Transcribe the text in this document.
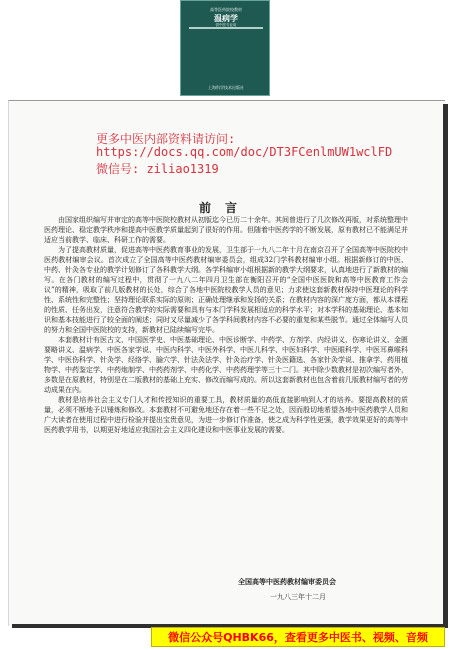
高等医药院校教材
温病学
供中医专业用
上海科学技术出版社
更多中医内部资料请访问:
https://docs.qq.com/doc/DT3FCenlmUW1wclFD
微信号: ziliao1319
前言

由国家组织编写并审定的高等中医院校教材从初版迄今已历二十余年。其间曾进行了几次修改再版，对系统整理中医药理论、稳定教学秩序和提高中医教学质量起到了很好的作用。但随着中医药学的不断发展，原有教材已不能满足并适应当前教学、临床、科研工作的需要。

为了提高教材质量，促进高等中医药教育事业的发展，卫生部于一九八二年十月在南京召开了全国高等中医院校中医药教材编审会议。首次成立了全国高等中医药教材编审委员会，组成32门学科教材编审小组。根据新修订的中医、中药、针灸各专业的教学计划修订了各科教学大纲。各学科编审小组根据新的教学大纲要求，认真地进行了新教材的编写。在各门教材的编写过程中，贯彻了一九八二年四月卫生部在衡阳召开的“全国中医医院和高等中医教育工作会议”的精神，吸取了前几版教材的长处，综合了各地中医院校教学人员的意见；力求使这套新教材保持中医理论的科学性、系统性和完整性；坚持理论联系实际的原则；正确处理继承和发扬的关系；在教材内容的深广度方面，都从本课程的性质、任务出发，注意符合教学的实际需要和具有与本门学科发展相适应的科学水平；对本学科的基础理论、基本知识和基本技能进行了较全面的阐述；同时又尽量减少了各学科间教材内容不必要的重复和某些脱节。通过全体编写人员的努力和全国中医院校的支持，新教材已陆续编写完毕。

本套教材计有医古文、中国医学史、中医基础理论、中医诊断学、中药学、方剂学、内经讲义、伤寒论讲义、金匮要略讲义、温病学、中医各家学说、中医内科学、中医外科学、中医儿科学、中医妇科学、中医眼科学、中医耳鼻喉科学、中医伤科学、针灸学、经络学、腧穴学、针法灸法学、针灸治疗学、针灸医籍选、各家针灸学说、推拿学、药用植物学、中药鉴定学、中药炮制学、中药药剂学、中药化学、中药药理学等三十二门。其中除少数教材是初次编写者外，多数是在原教材，特别是在二版教材的基础上充实、修改而编写成的。所以这套新教材也包含着前几版教材编写者的劳动成果在内。

教材是培养社会主义专门人才和传授知识的重要工具，教材质量的高低直接影响到人才的培养。要提高教材的质量，必须不断地予以锤炼和修改。本套教材不可避免地还存在着一些不足之处，因而殷切地希望各地中医药教学人员和广大读者在使用过程中进行检验并提出宝贵意见，为进一步修订作准备，使之成为科学性更强，教学效果更好的高等中医药教学用书，以期更好地适应我国社会主义四化建设和中医事业发展的需要。

全国高等中医药教材编审委员会
一九八三年十二月
微信公众号QHBK66，查看更多中医书、视频、音频
